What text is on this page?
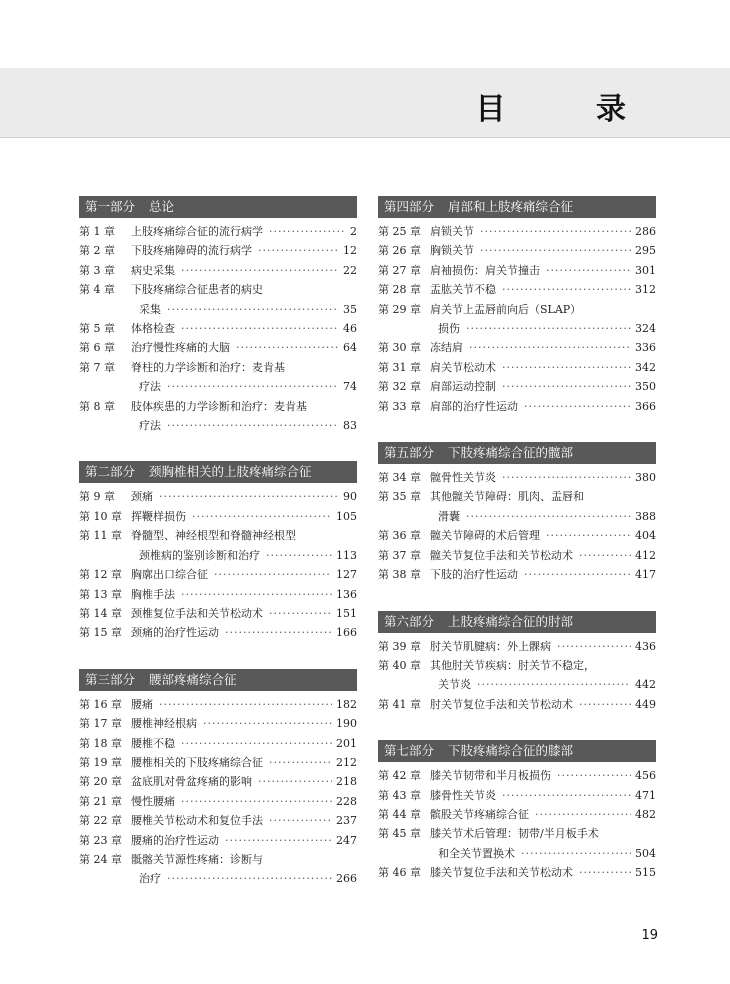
目 录
第一部分 总论
第 1 章	上肢疼痛综合征的流行病学 ·····	2
第 2 章	下肢疼痛障碍的流行病学 ·····	12
第 3 章	病史采集 ·····	22
第 4 章	下肢疼痛综合征患者的病史
采集 ·····	35
第 5 章	体格检查 ·····	46
第 6 章	治疗慢性疼痛的大脑 ·····	64
第 7 章	脊柱的力学诊断和治疗：麦肯基
疗法 ·····	74
第 8 章	肢体疾患的力学诊断和治疗：麦肯基
疗法 ·····	83
第二部分 颈胸椎相关的上肢疼痛综合征
第 9 章	颈痛 ·····	90
第 10 章 挥鞭样损伤 ·····	105
第 11 章 脊髓型、神经根型和脊髓神经根型
颈椎病的鉴别诊断和治疗 ·····	113
第 12 章 胸廓出口综合征 ·····	127
第 13 章 胸椎手法 ·····	136
第 14 章 颈椎复位手法和关节松动术 ·····	151
第 15 章 颈痛的治疗性运动 ·····	166
第三部分 腰部疼痛综合征
第 16 章 腰痛 ·····	182
第 17 章 腰椎神经根病 ·····	190
第 18 章 腰椎不稳 ·····	201
第 19 章 腰椎相关的下肢疼痛综合征 ·····	212
第 20 章 盆底肌对骨盆疼痛的影响 ·····	218
第 21 章 慢性腰痛 ·····	228
第 22 章 腰椎关节松动术和复位手法 ·····	237
第 23 章 腰痛的治疗性运动 ·····	247
第 24 章 骶髂关节源性疼痛：诊断与
治疗 ·····	266
第四部分 肩部和上肢疼痛综合征
第 25 章 肩锁关节 ·····	286
第 26 章 胸锁关节 ·····	295
第 27 章 肩袖损伤：肩关节撞击 ·····	301
第 28 章 盂肱关节不稳 ·····	312
第 29 章 肩关节上盂唇前向后（SLAP）
损伤 ·····	324
第 30 章 冻结肩 ·····	336
第 31 章 肩关节松动术 ·····	342
第 32 章 肩部运动控制 ·····	350
第 33 章 肩部的治疗性运动 ·····	366
第五部分 下肢疼痛综合征的髋部
第 34 章 髋骨性关节炎 ·····	380
第 35 章 其他髋关节障碍：肌肉、盂唇和
滑囊 ·····	388
第 36 章 髋关节障碍的术后管理 ·····	404
第 37 章 髋关节复位手法和关节松动术 ·····	412
第 38 章 下肢的治疗性运动 ·····	417
第六部分 上肢疼痛综合征的肘部
第 39 章 肘关节肌腱病：外上髁病 ·····	436
第 40 章 其他肘关节疾病：肘关节不稳定，
关节炎 ·····	442
第 41 章 肘关节复位手法和关节松动术 ·····	449
第七部分 下肢疼痛综合征的膝部
第 42 章 膝关节韧带和半月板损伤 ·····	456
第 43 章 膝骨性关节炎 ·····	471
第 44 章 髌股关节疼痛综合征 ·····	482
第 45 章 膝关节术后管理：韧带/半月板手术
和全关节置换术 ·····	504
第 46 章 膝关节复位手法和关节松动术 ·····	515
19
